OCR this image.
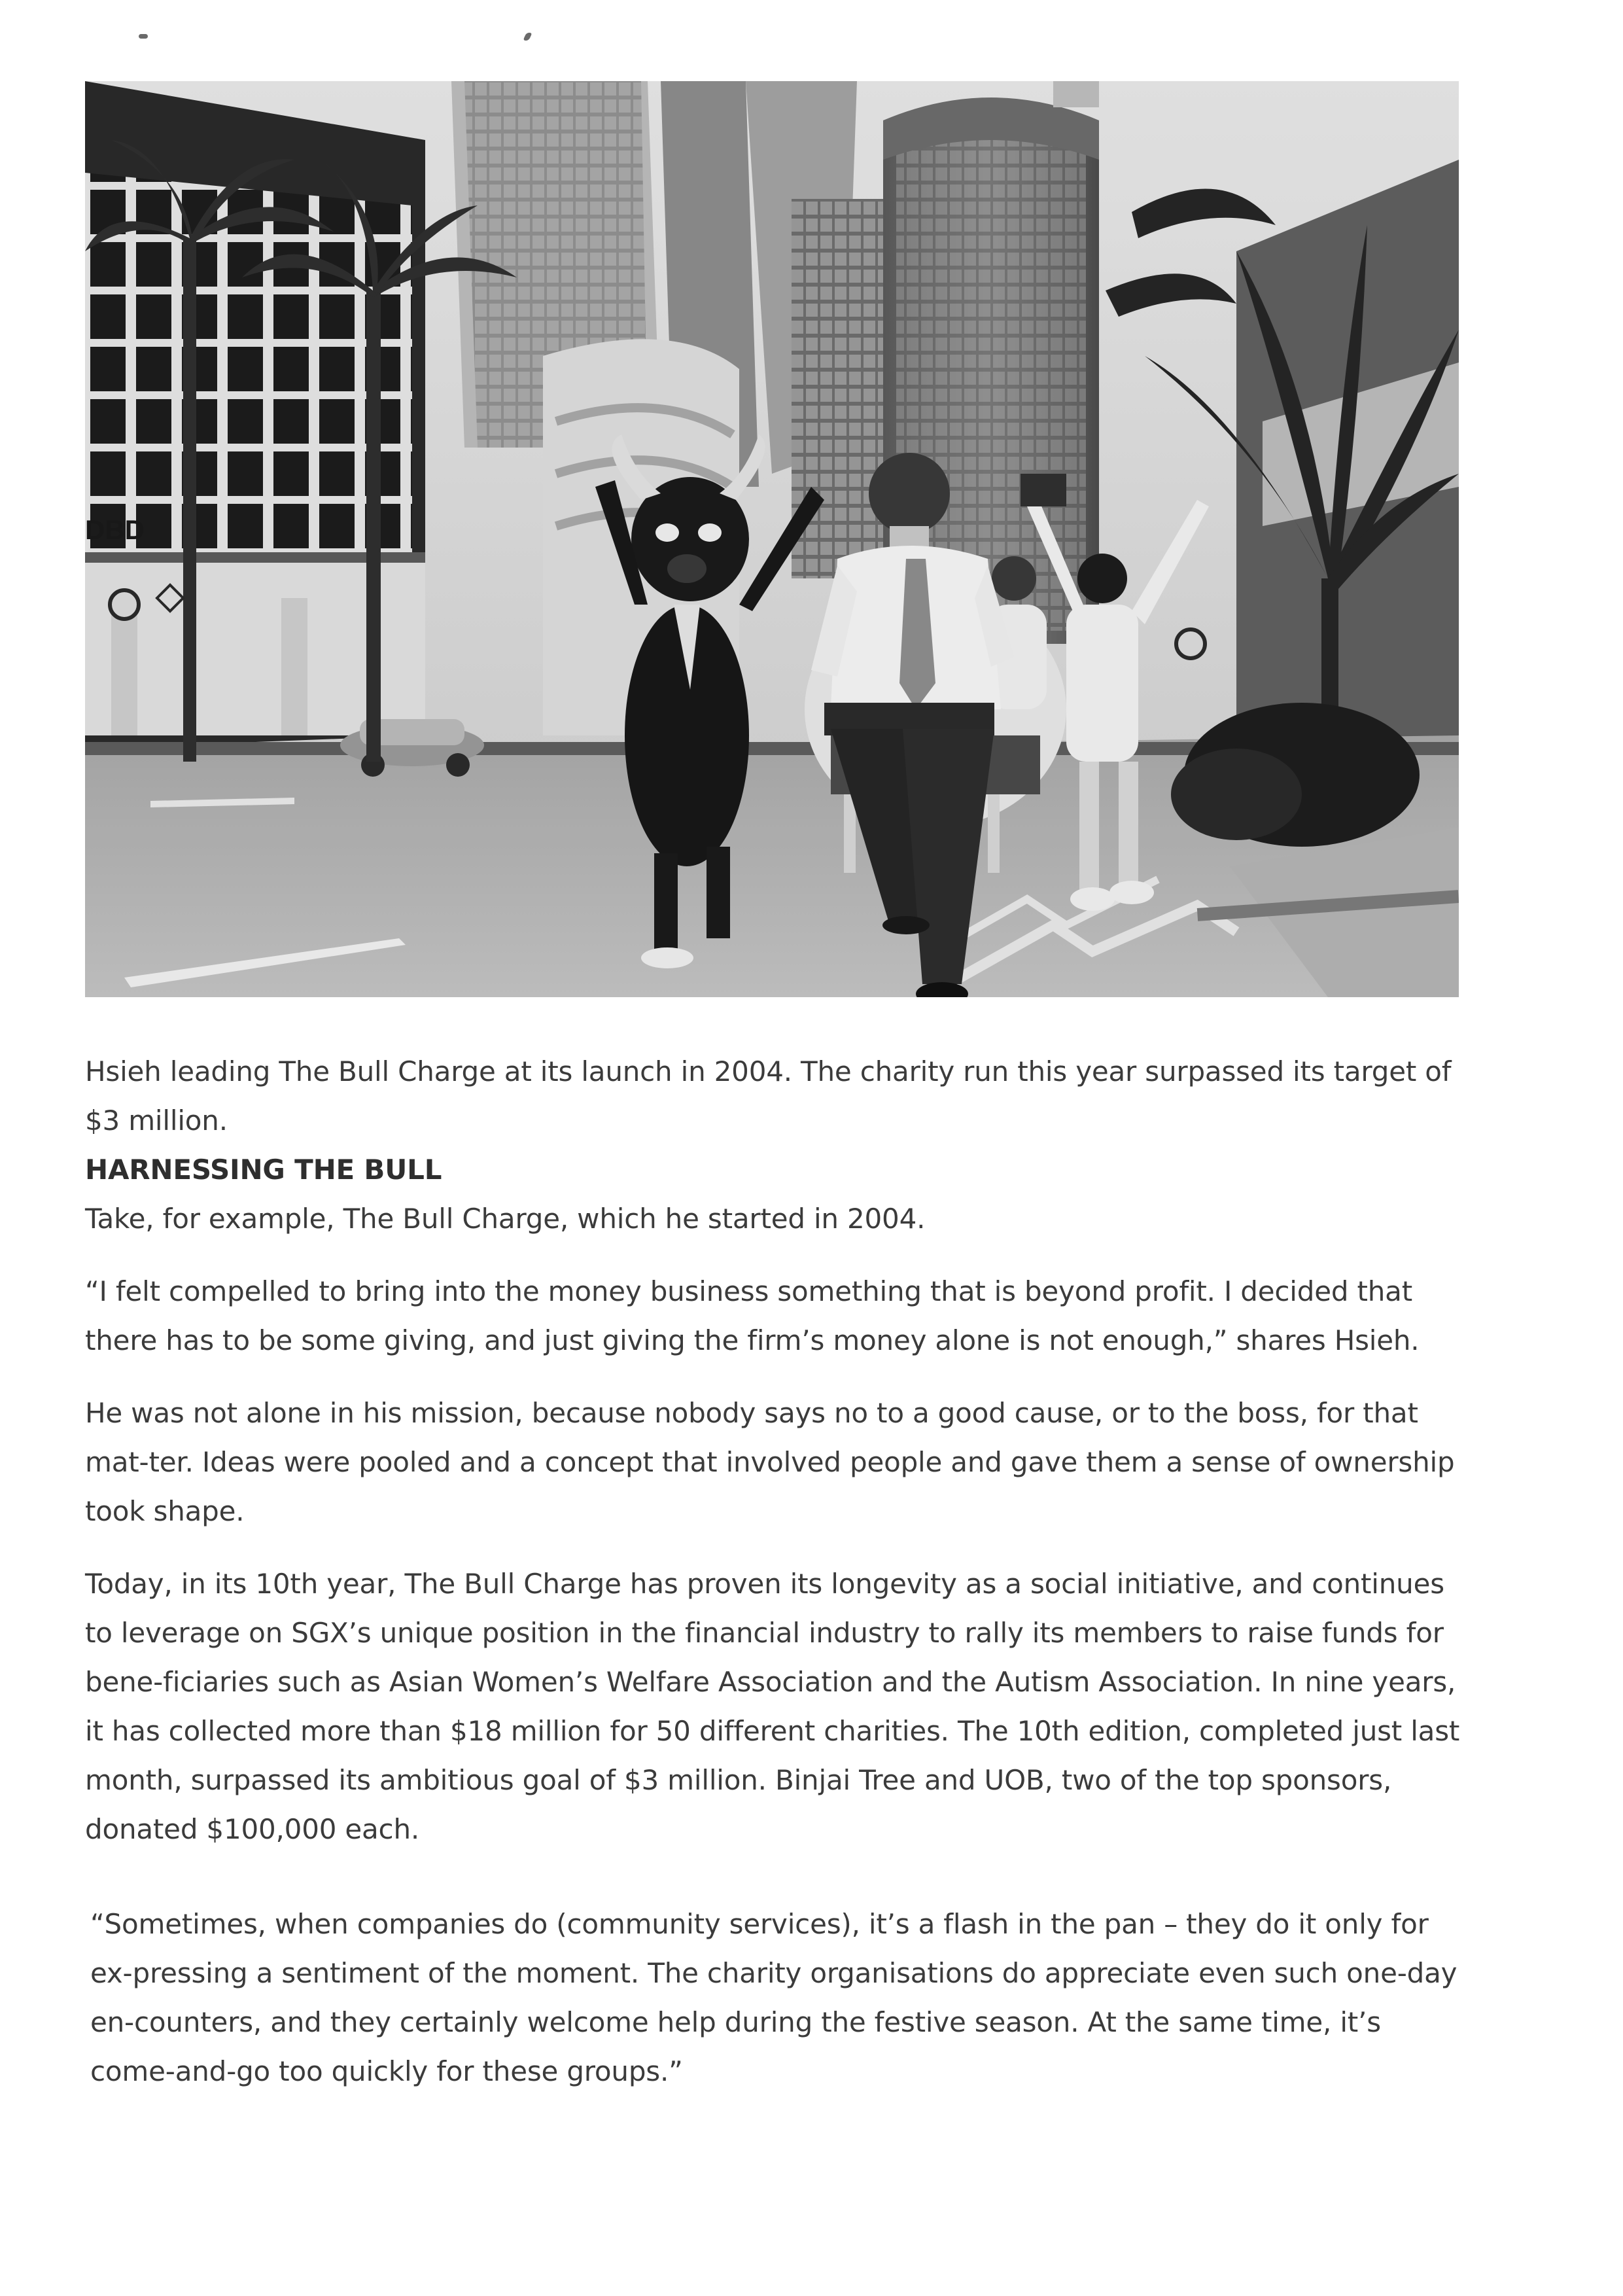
DBD

Hsieh leading The Bull Charge at its launch in 2004. The charity run this year surpassed its target of $3 million.

HARNESSING THE BULL

Take, for example, The Bull Charge, which he started in 2004.

“I felt compelled to bring into the money business something that is beyond profit. I decided that there has to be some giving, and just giving the firm’s money alone is not enough,” shares Hsieh.

He was not alone in his mission, because nobody says no to a good cause, or to the boss, for that mat-ter. Ideas were pooled and a concept that involved people and gave them a sense of ownership took shape.

Today, in its 10th year, The Bull Charge has proven its longevity as a social initiative, and continues to leverage on SGX’s unique position in the financial industry to rally its members to raise funds for bene-ficiaries such as Asian Women’s Welfare Association and the Autism Association. In nine years, it has collected more than $18 million for 50 different charities. The 10th edition, completed just last month, surpassed its ambitious goal of $3 million. Binjai Tree and UOB, two of the top sponsors, donated $100,000 each.

“Sometimes, when companies do (community services), it’s a flash in the pan – they do it only for ex-pressing a sentiment of the moment. The charity organisations do appreciate even such one-day en-counters, and they certainly welcome help during the festive season. At the same time, it’s come-and-go too quickly for these groups.”
